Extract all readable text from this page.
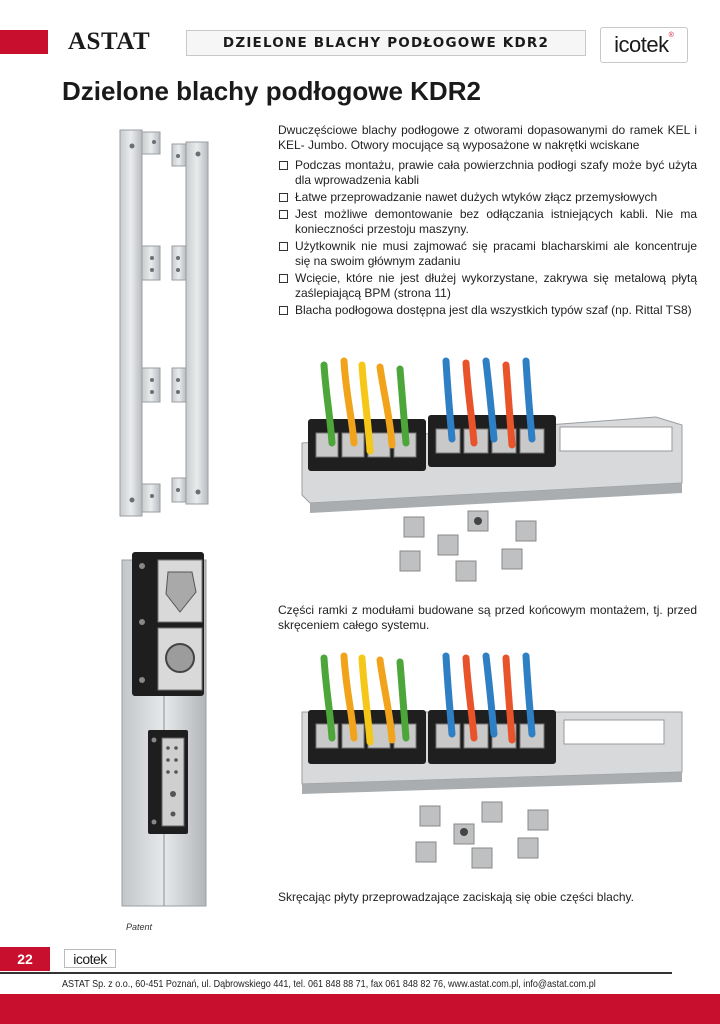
ASTAT	DZIELONE BLACHY PODŁOGOWE KDR2	icotek ®
Dzielone blachy podłogowe KDR2

Dwuczęściowe blachy podłogowe z otworami dopasowanymi do ramek KEL i KEL- Jumbo. Otwory mocujące są wyposażone w nakrętki wciskane

Podczas montażu, prawie cała powierzchnia podłogi szafy może być użyta dla wprowadzenia kabli
Łatwe przeprowadzanie nawet dużych wtyków złącz przemysłowych
Jest możliwe demontowanie bez odłączania istniejących kabli. Nie ma konieczności przestoju maszyny.
Użytkownik nie musi zajmować się pracami blacharskimi ale koncentruje się na swoim głównym zadaniu
Wcięcie, które nie jest dłużej wykorzystane, zakrywa się metalową płytą zaślepiającą BPM (strona 11)
Blacha podłogowa dostępna jest dla wszystkich typów szaf (np. Rittal TS8)

Części ramki z modułami budowane są przed końcowym montażem, tj. przed skręceniem całego systemu.

Skręcając płyty przeprowadzające zaciskają się obie części blachy.

Patent
22	icotek
ASTAT Sp. z o.o., 60-451 Poznań, ul. Dąbrowskiego 441, tel. 061 848 88 71, fax 061 848 82 76, www.astat.com.pl, info@astat.com.pl
